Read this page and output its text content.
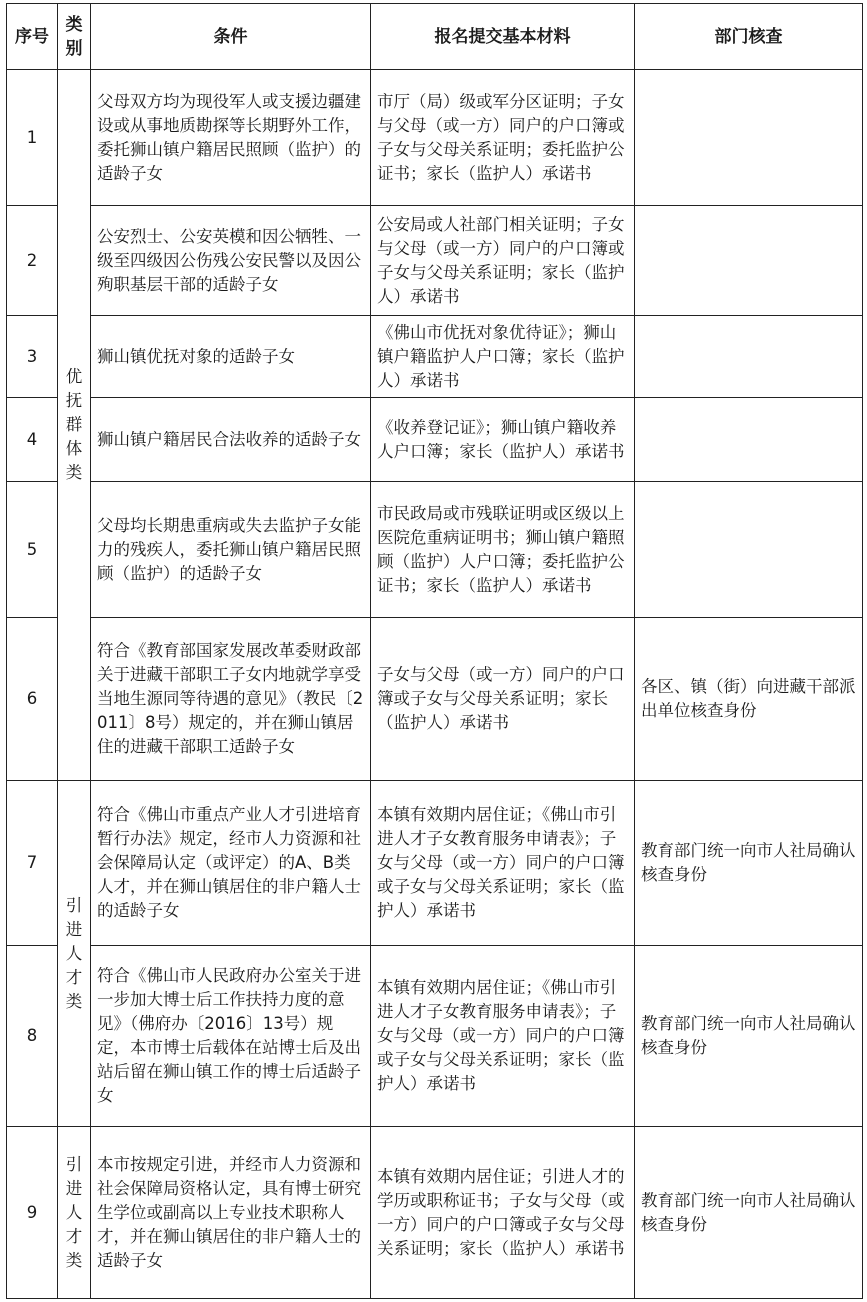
序号	类别	条件	报名提交基本材料	部门核查
1	优抚群体类	父母双方均为现役军人或支援边疆建设或从事地质勘探等长期野外工作，委托狮山镇户籍居民照顾（监护）的适龄子女	市厅（局）级或军分区证明；子女与父母（或一方）同户的户口簿或子女与父母关系证明；委托监护公证书；家长（监护人）承诺书	
2		公安烈士、公安英模和因公牺牲、一级至四级因公伤残公安民警以及因公殉职基层干部的适龄子女	公安局或人社部门相关证明；子女与父母（或一方）同户的户口簿或子女与父母关系证明；家长（监护人）承诺书	
3		狮山镇优抚对象的适龄子女	《佛山市优抚对象优待证》；狮山镇户籍监护人户口簿；家长（监护人）承诺书	
4		狮山镇户籍居民合法收养的适龄子女	《收养登记证》；狮山镇户籍收养人户口簿；家长（监护人）承诺书	
5		父母均长期患重病或失去监护子女能力的残疾人，委托狮山镇户籍居民照顾（监护）的适龄子女	市民政局或市残联证明或区级以上医院危重病证明书；狮山镇户籍照顾（监护）人户口簿；委托监护公证书；家长（监护人）承诺书	
6		符合《教育部国家发展改革委财政部关于进藏干部职工子女内地就学享受当地生源同等待遇的意见》（教民〔2011〕8号）规定的，并在狮山镇居住的进藏干部职工适龄子女	子女与父母（或一方）同户的户口簿或子女与父母关系证明；家长（监护人）承诺书	各区、镇（街）向进藏干部派出单位核查身份
7	引进人才类	符合《佛山市重点产业人才引进培育暂行办法》规定，经市人力资源和社会保障局认定（或评定）的A、B类人才，并在狮山镇居住的非户籍人士的适龄子女	本镇有效期内居住证；《佛山市引进人才子女教育服务申请表》；子女与父母（或一方）同户的户口簿或子女与父母关系证明；家长（监护人）承诺书	教育部门统一向市人社局确认核查身份
8		符合《佛山市人民政府办公室关于进一步加大博士后工作扶持力度的意见》（佛府办〔2016〕13号）规定，本市博士后载体在站博士后及出站后留在狮山镇工作的博士后适龄子女	本镇有效期内居住证；《佛山市引进人才子女教育服务申请表》；子女与父母（或一方）同户的户口簿或子女与父母关系证明；家长（监护人）承诺书	教育部门统一向市人社局确认核查身份
9	引进人才类	本市按规定引进，并经市人力资源和社会保障局资格认定，具有博士研究生学位或副高以上专业技术职称人才，并在狮山镇居住的非户籍人士的适龄子女	本镇有效期内居住证；引进人才的学历或职称证书；子女与父母（或一方）同户的户口簿或子女与父母关系证明；家长（监护人）承诺书	教育部门统一向市人社局确认核查身份
